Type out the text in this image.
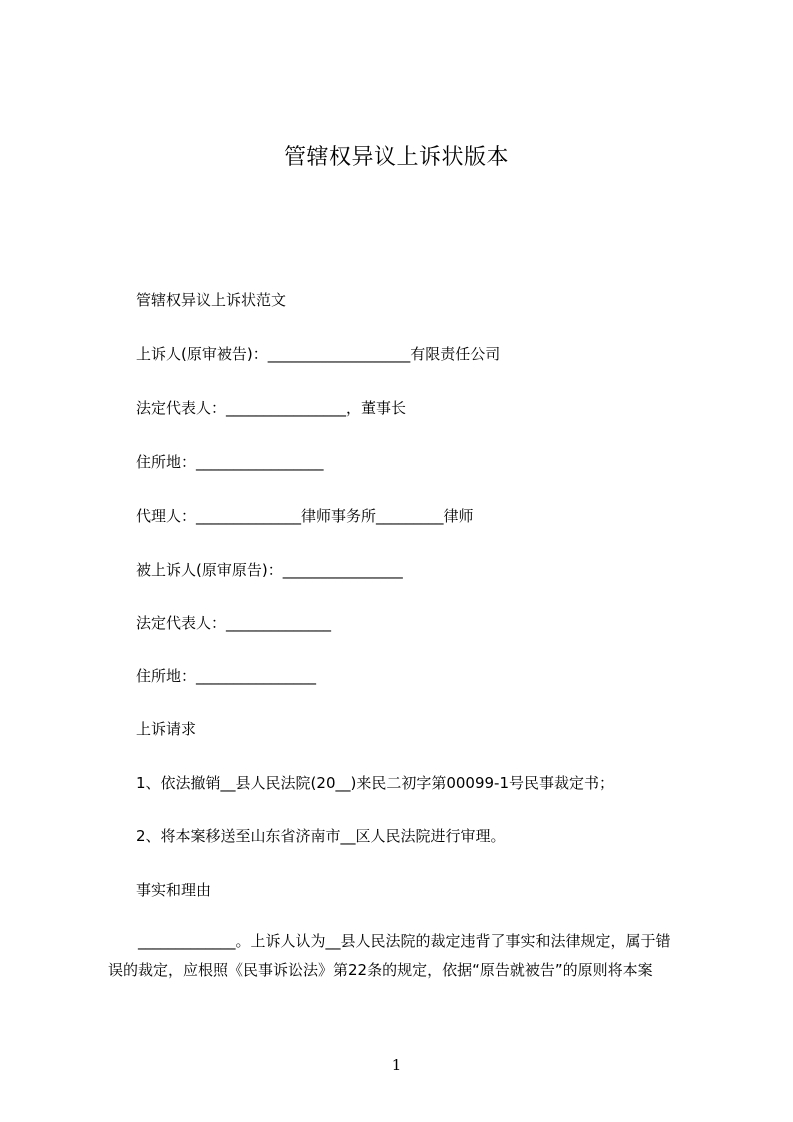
管辖权异议上诉状版本
管辖权异议上诉状范文
上诉人(原审被告)：___________________有限责任公司
法定代表人：________________，董事长
住所地：_________________
代理人：______________律师事务所_________律师
被上诉人(原审原告)：________________
法定代表人：______________
住所地：________________
上诉请求
1、依法撤销__县人民法院(20__)来民二初字第00099-1号民事裁定书；
2、将本案移送至山东省济南市__区人民法院进行审理。
事实和理由
_____________。上诉人认为__县人民法院的裁定违背了事实和法律规定，属于错
误的裁定，应根照《民事诉讼法》第22条的规定，依据“原告就被告”的原则将本案
1
